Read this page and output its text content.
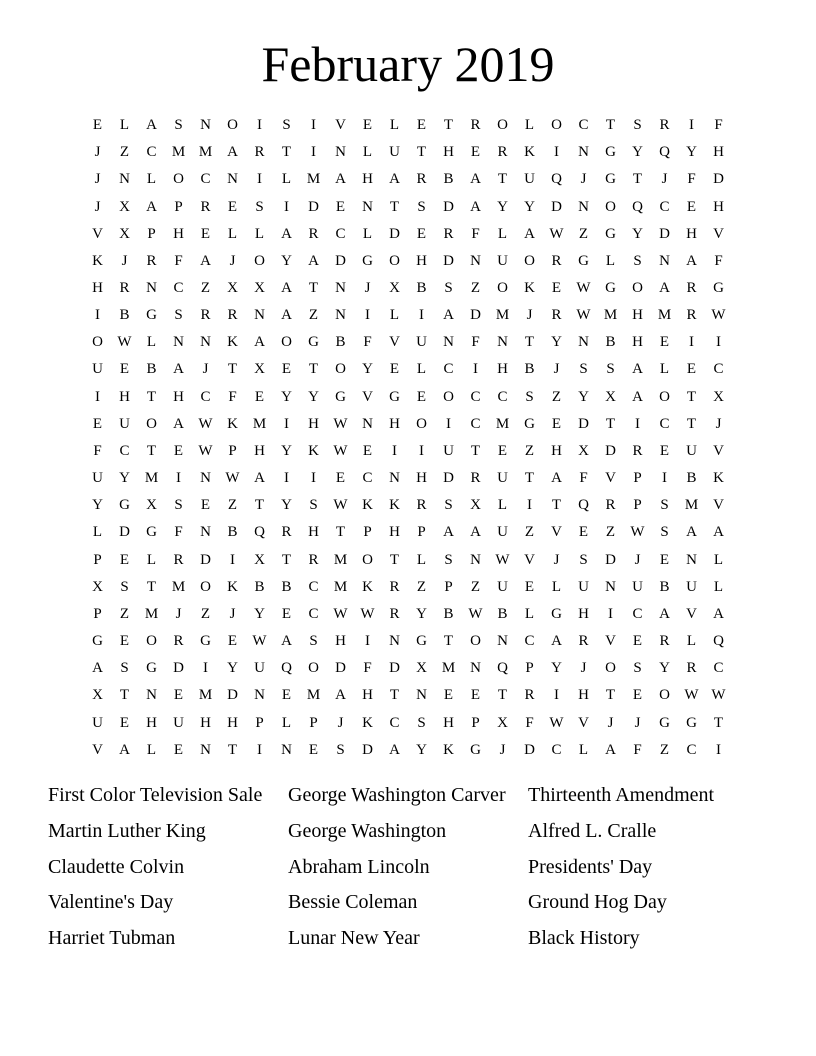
February 2019
E	L	A	S	N	O	I	S	I	V	E	L	E	T	R	O	L	O	C	T	S	R	I	F
J	Z	C	M M A	R	T	I	N	L	U	T	H	E	R	K	I	N	G	Y	Q	Y	H
J	N	L	O	C	N	I	L	M A	H	A	R	B	A	T	U	Q	J	G	T	J	F	D
J	X	A	P	R	E	S	I	D	E	N	T	S	D	A	Y	Y	D	N	O	Q	C	E	H
V	X	P	H	E	L	L	A	R	C	L	D	E	R	F	L	A W	Z	G	Y	D	H	V
K	J	R	F	A	J	O	Y	A	D	G	O	H	D	N	U	O	R	G	L	S	N	A	F
H	R	N	C	Z	X	X	A	T	N	J	X	B	S	Z	O	K	E	W G	O	A	R	G
I	B	G	S	R	R	N	A	Z	N	I	L	I	A	D M	J	R W M H M	R W
O W	L	N	N	K	A	O	G	B	F	V	U	N	F	N	T	Y	N	B	H	E	I	I
U	E	B	A	J	T	X	E	T	O	Y	E	L	C	I	H	B	J	S	S	A	L	E	C
I	H	T	H	C	F	E	Y	Y	G	V	G	E	O	C	C	S	Z	Y	X	A	O	T	X
E	U	O	A W K M	I	H W N	H	O	I	C	M G	E	D	T	I	C	T	J
F	C	T	E	W	P	H	Y	K W	E	I	I	U	T	E	Z	H	X	D	R	E	U	V
U	Y M	I	N W A	I	I	E	C	N	H	D	R	U	T	A	F	V	P	I	B	K
Y	G	X	S	E	Z	T	Y	S	W K	K	R	S	X	L	I	T	Q	R	P	S	M V
L	D	G	F	N	B	Q	R	H	T	P	H	P	A	A	U	Z	V	E	Z	W	S	A	A
P	E	L	R	D	I	X	T	R	M O	T	L	S	N W V	J	S	D	J	E	N	L
X	S	T	M O	K	B	B	C	M K	R	Z	P	Z	U	E	L	U	N	U	B	U	L
P	Z	M	J	Z	J	Y	E	C W W R	Y	B W B	L	G	H	I	C	A	V	A
G	E	O	R	G	E	W A	S	H	I	N	G	T	O	N	C	A	R	V	E	R	L	Q
A	S	G	D	I	Y	U	Q	O	D	F	D	X M N	Q	P	Y	J	O	S	Y	R	C
X	T	N	E	M D	N	E	M A	H	T	N	E	E	T	R	I	H	T	E	O W W
U	E	H	U	H	H	P	L	P	J	K	C	S	H	P	X	F	W V	J	J	G	G	T
V	A	L	E	N	T	I	N	E	S	D	A	Y	K	G	J	D	C	L	A	F	Z	C	I
First Color Television Sale
Martin Luther King
Claudette Colvin
Valentine's Day
Harriet Tubman
George Washington Carver
George Washington
Abraham Lincoln
Bessie Coleman
Lunar New Year
Thirteenth Amendment
Alfred L. Cralle
Presidents' Day
Ground Hog Day
Black History
